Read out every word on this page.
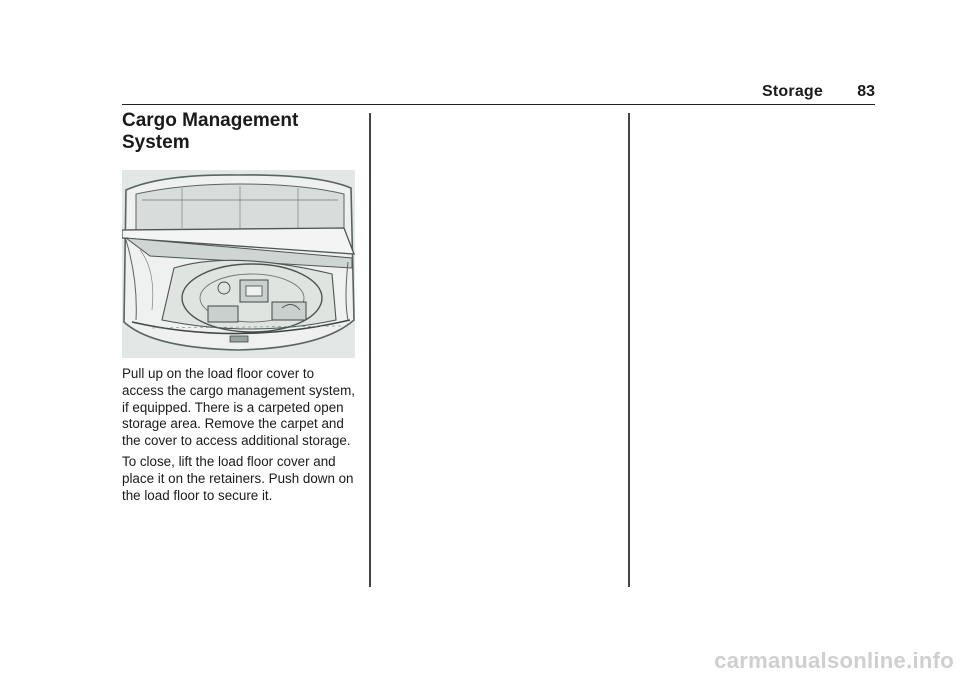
Storage 83
Cargo Management System

Pull up on the load floor cover to access the cargo management system, if equipped. There is a carpeted open storage area. Remove the carpet and the cover to access additional storage.

To close, lift the load floor cover and place it on the retainers. Push down on the load floor to secure it.

carmanualsonline.info
